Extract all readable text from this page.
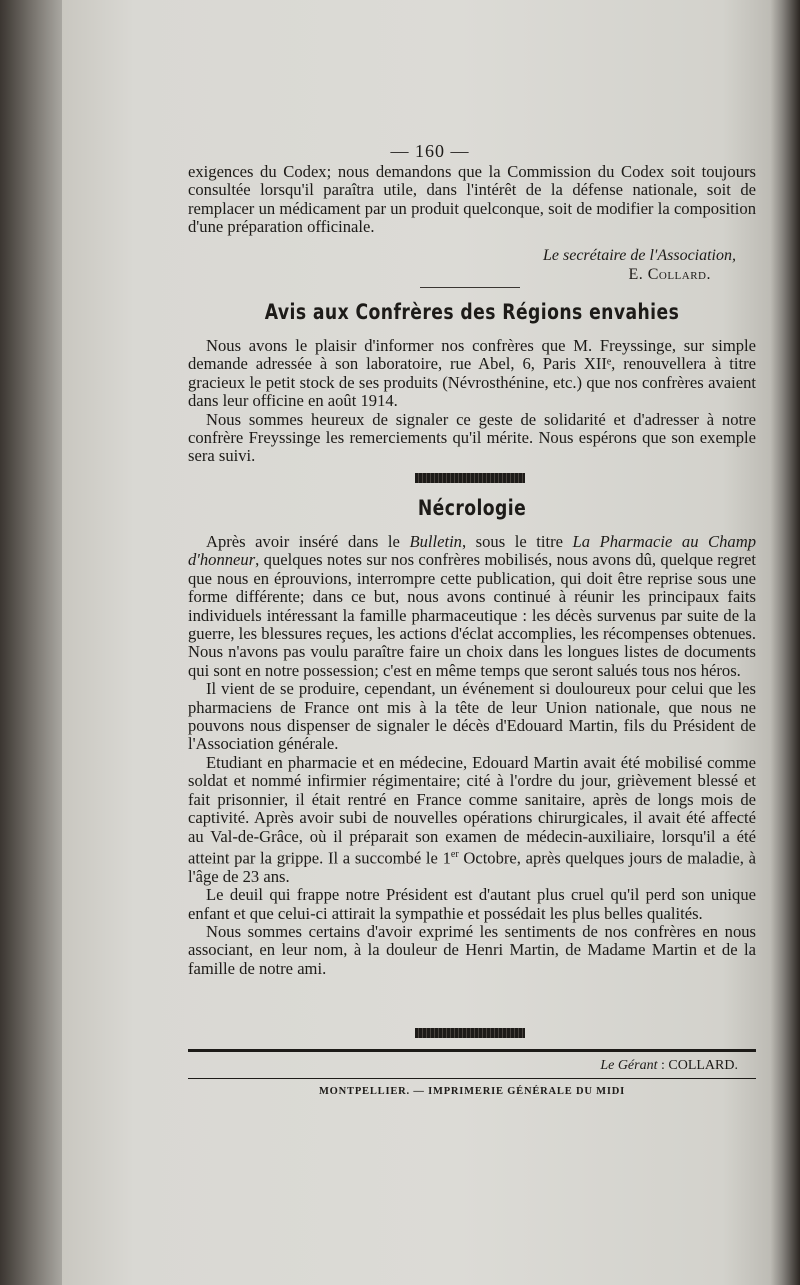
— 160 —

exigences du Codex; nous demandons que la Commission du Codex soit toujours consultée lorsqu'il paraîtra utile, dans l'intérêt de la défense nationale, soit de remplacer un médicament par un produit quelconque, soit de modifier la composition d'une préparation officinale.

Le secrétaire de l'Association,
E. Collard.
Avis aux Confrères des Régions envahies

Nous avons le plaisir d'informer nos confrères que M. Freyssinge, sur simple demande adressée à son laboratoire, rue Abel, 6, Paris XIIᵉ, renouvellera à titre gracieux le petit stock de ses produits (Névrosthénine, etc.) que nos confrères avaient dans leur officine en août 1914.

Nous sommes heureux de signaler ce geste de solidarité et d'adresser à notre confrère Freyssinge les remerciements qu'il mérite. Nous espérons que son exemple sera suivi.

Nécrologie

Après avoir inséré dans le Bulletin, sous le titre La Pharmacie au Champ d'honneur, quelques notes sur nos confrères mobilisés, nous avons dû, quelque regret que nous en éprouvions, interrompre cette publication, qui doit être reprise sous une forme différente; dans ce but, nous avons continué à réunir les principaux faits individuels intéressant la famille pharmaceutique : les décès survenus par suite de la guerre, les blessures reçues, les actions d'éclat accomplies, les récompenses obtenues. Nous n'avons pas voulu paraître faire un choix dans les longues listes de documents qui sont en notre possession; c'est en même temps que seront salués tous nos héros.

Il vient de se produire, cependant, un événement si douloureux pour celui que les pharmaciens de France ont mis à la tête de leur Union nationale, que nous ne pouvons nous dispenser de signaler le décès d'Edouard Martin, fils du Président de l'Association générale.

Etudiant en pharmacie et en médecine, Edouard Martin avait été mobilisé comme soldat et nommé infirmier régimentaire; cité à l'ordre du jour, grièvement blessé et fait prisonnier, il était rentré en France comme sanitaire, après de longs mois de captivité. Après avoir subi de nouvelles opérations chirurgicales, il avait été affecté au Val-de-Grâce, où il préparait son examen de médecin-auxiliaire, lorsqu'il a été atteint par la grippe. Il a succombé le 1er Octobre, après quelques jours de maladie, à l'âge de 23 ans.

Le deuil qui frappe notre Président est d'autant plus cruel qu'il perd son unique enfant et que celui-ci attirait la sympathie et possédait les plus belles qualités.

Nous sommes certains d'avoir exprimé les sentiments de nos confrères en nous associant, en leur nom, à la douleur de Henri Martin, de Madame Martin et de la famille de notre ami.

Le Gérant : COLLARD.
MONTPELLIER. — IMPRIMERIE GÉNÉRALE DU MIDI
